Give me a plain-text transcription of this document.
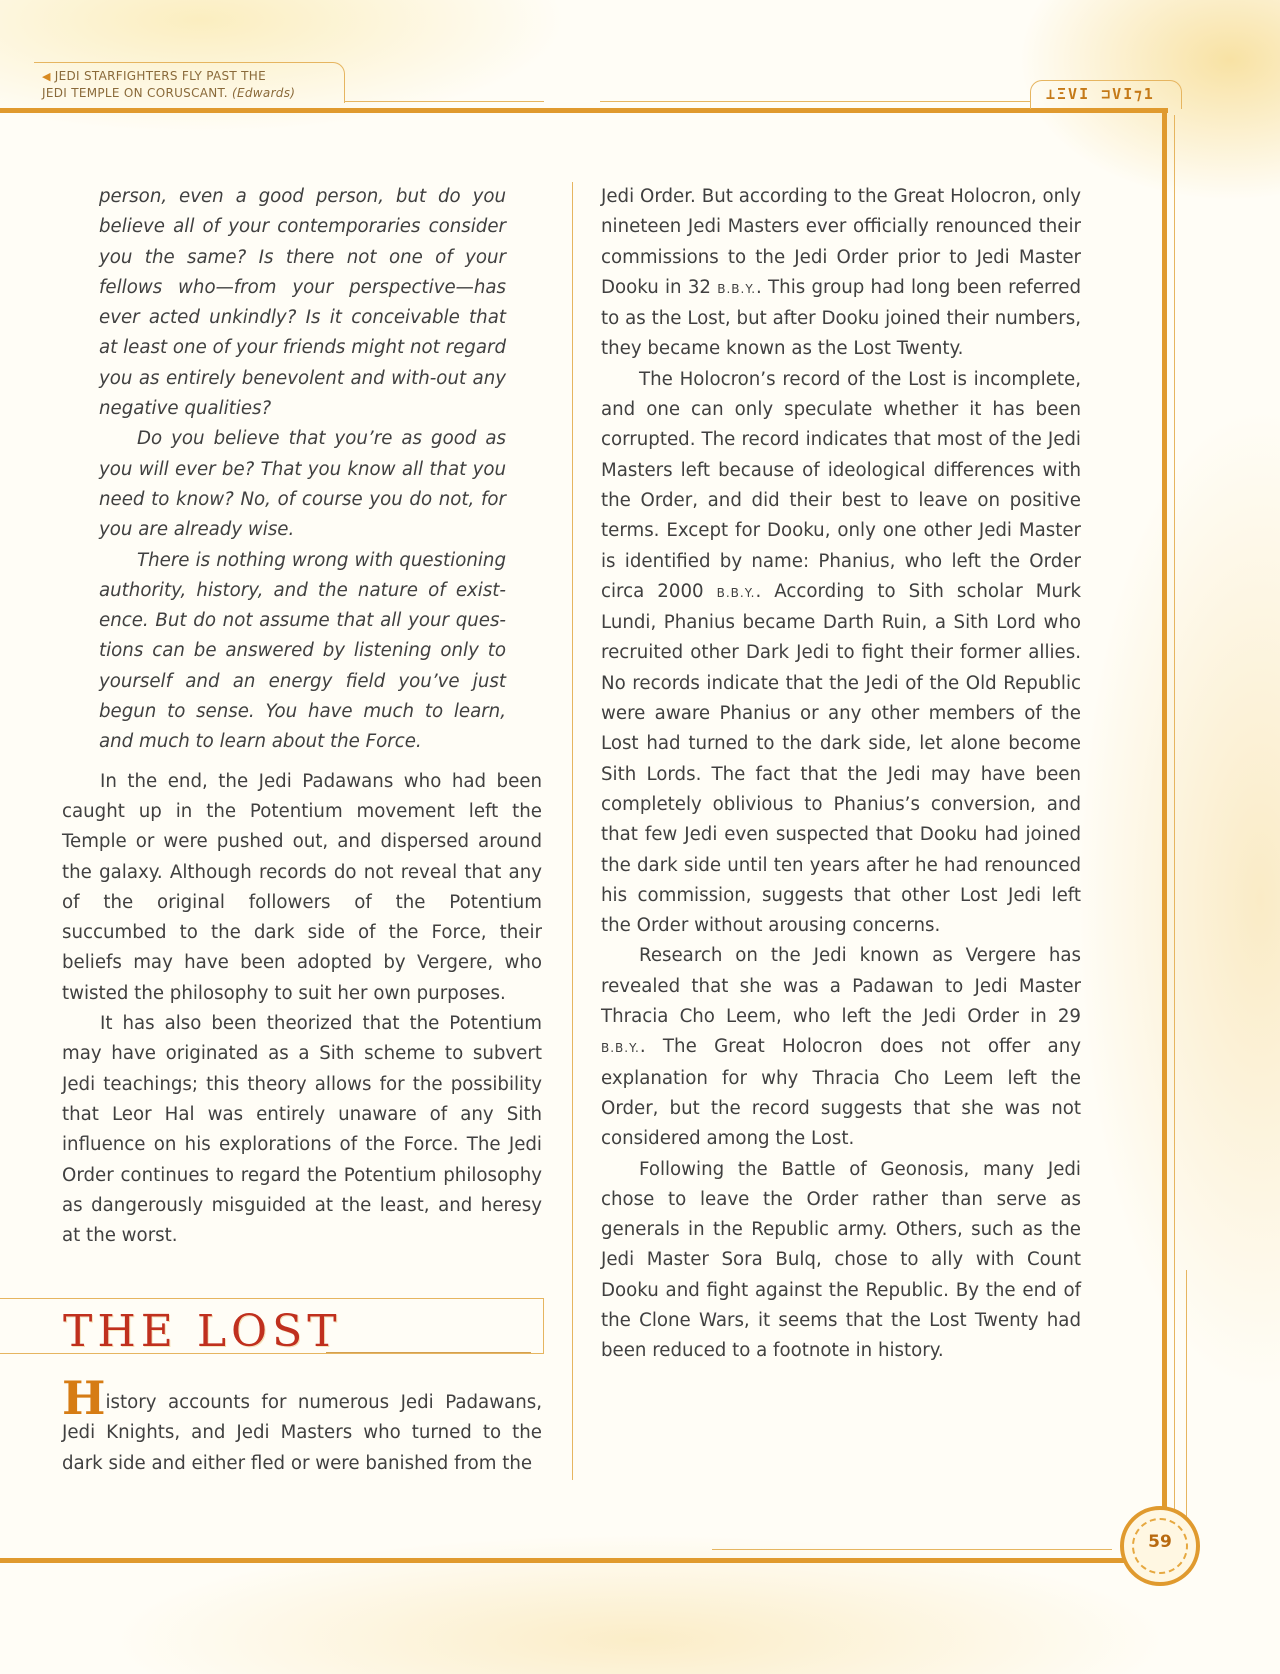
◀ JEDI STARFIGHTERS FLY PAST THE
JEDI TEMPLE ON CORUSCANT. (Edwards)	⊥ΞVI ⊐VI⁊1

person, even a good person, but do you believe all of your contemporaries consider you the same? Is there not one of your fellows who—from your perspective—has ever acted unkindly? Is it conceivable that at least one of your friends might not regard you as entirely benevolent and with-out any negative qualities?

Do you believe that you’re as good as you will ever be? That you know all that you need to know? No, of course you do not, for you are already wise.

There is nothing wrong with questioning authority, history, and the nature of exist-ence. But do not assume that all your ques-tions can be answered by listening only to yourself and an energy field you’ve just begun to sense. You have much to learn, and much to learn about the Force.

In the end, the Jedi Padawans who had been caught up in the Potentium movement left the Temple or were pushed out, and dispersed around the galaxy. Although records do not reveal that any of the original followers of the Potentium succumbed to the dark side of the Force, their beliefs may have been adopted by Vergere, who twisted the philosophy to suit her own purposes.

It has also been theorized that the Potentium may have originated as a Sith scheme to subvert Jedi teachings; this theory allows for the possibility that Leor Hal was entirely unaware of any Sith influence on his explorations of the Force. The Jedi Order continues to regard the Potentium philosophy as dangerously misguided at the least, and heresy at the worst.

THE LOST

History accounts for numerous Jedi Padawans, Jedi Knights, and Jedi Masters who turned to the dark side and either fled or were banished from the

Jedi Order. But according to the Great Holocron, only nineteen Jedi Masters ever officially renounced their commissions to the Jedi Order prior to Jedi Master Dooku in 32 B.B.Y.. This group had long been referred to as the Lost, but after Dooku joined their numbers, they became known as the Lost Twenty.

The Holocron’s record of the Lost is incomplete, and one can only speculate whether it has been corrupted. The record indicates that most of the Jedi Masters left because of ideological differences with the Order, and did their best to leave on positive terms. Except for Dooku, only one other Jedi Master is identified by name: Phanius, who left the Order circa 2000 B.B.Y.. According to Sith scholar Murk Lundi, Phanius became Darth Ruin, a Sith Lord who recruited other Dark Jedi to fight their former allies. No records indicate that the Jedi of the Old Republic were aware Phanius or any other members of the Lost had turned to the dark side, let alone become Sith Lords. The fact that the Jedi may have been completely oblivious to Phanius’s conversion, and that few Jedi even suspected that Dooku had joined the dark side until ten years after he had renounced his commission, suggests that other Lost Jedi left the Order without arousing concerns.

Research on the Jedi known as Vergere has revealed that she was a Padawan to Jedi Master Thracia Cho Leem, who left the Jedi Order in 29 B.B.Y.. The Great Holocron does not offer any explanation for why Thracia Cho Leem left the Order, but the record suggests that she was not considered among the Lost.

Following the Battle of Geonosis, many Jedi chose to leave the Order rather than serve as generals in the Republic army. Others, such as the Jedi Master Sora Bulq, chose to ally with Count Dooku and fight against the Republic. By the end of the Clone Wars, it seems that the Lost Twenty had been reduced to a footnote in history.

59
